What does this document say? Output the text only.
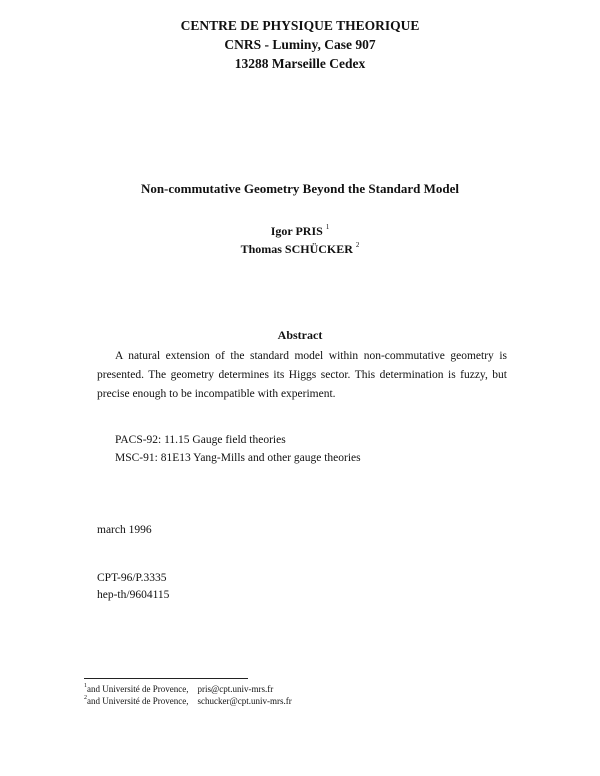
CENTRE DE PHYSIQUE THEORIQUE
CNRS - Luminy, Case 907
13288 Marseille Cedex
Non-commutative Geometry Beyond the Standard Model
Igor PRIS $^1$
Thomas SCHÜCKER $^2$
Abstract
A natural extension of the standard model within non-commutative geometry is presented. The geometry determines its Higgs sector. This determination is fuzzy, but precise enough to be incompatible with experiment.
PACS-92: 11.15 Gauge field theories
MSC-91: 81E13 Yang-Mills and other gauge theories
march 1996
CPT-96/P.3335
hep-th/9604115
$^1$and Université de Provence, pris@cpt.univ-mrs.fr
$^2$and Université de Provence, schucker@cpt.univ-mrs.fr
